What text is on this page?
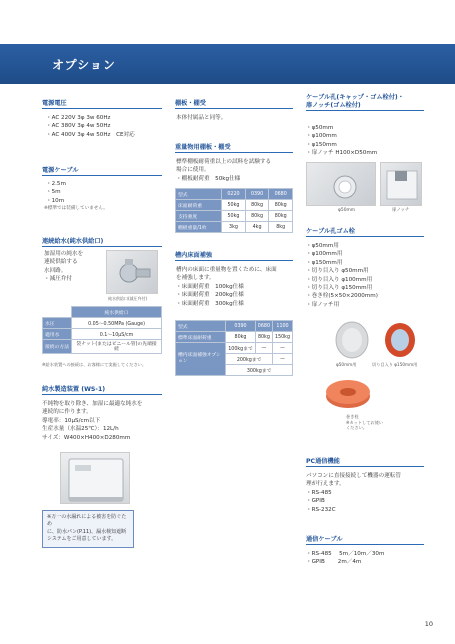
オプション
電源電圧
・AC 220V 3φ 3w 60Hz
・AC 380V 3φ 4w 50Hz
・AC 400V 3φ 4w 50Hz　CE対応
電源ケーブル
・2.5m
・5m
・10m
※標準では装備していません。
連続給水(純水供給口)
加湿用の純水を
連続供給する
水回路。
・減圧弁付
純水供給口(減圧弁付)
	純水供給口
水圧	0.05～0.50MPa (Gauge)
適用水	0.1～10μS/cm
接続の方法	袋ナット(またはビニール管)の先端接続
※給水装置への接続は、お客様にて実施してください。
純水製造装置 (WS-1)
不純物を取り除き、加湿に最適な純水を
連続的に作ります。
導電率：10μS/cm以下
生産水量（水温25℃）：12L/h
サイズ：W400×H400×D280mm
※万一の水漏れによる被害を防ぐため
に、防水パン(P.11)、漏水検知遮断
システムをご用意しています。
棚板・棚受
本体付属品と同等。
重量物用棚板・棚受
標準棚板耐荷重以上の試料を試験する
場合に使用。
・棚板耐荷重　50kg仕様
型式	0220	0390	0680
床面耐荷重	50kg	80kg	80kg
支持強度	50kg	80kg	80kg
棚板重量/1枚	3kg	4kg	8kg
槽内床面補強
槽内の床面に重量物を置くために、床面
を補強します。
・床面耐荷重　100kg仕様
・床面耐荷重　200kg仕様
・床面耐荷重　300kg仕様
型式	0390	0680	1100
標準床面耐荷重	80kg	80kg	150kg
槽内床面補強オプション	100kgまで	—	—
	200kgまで		—
	300kgまで		
ケーブル孔(キャップ・ゴム栓付)・
扉ノッチ(ゴム栓付)
・φ50mm
・φ100mm
・φ150mm
・扉ノッチ H100×D50mm
φ50mm	扉ノッチ
ケーブル孔ゴム栓
・φ50mm用
・φ100mm用
・φ150mm用
・切り目入り φ50mm用
・切り目入り φ100mm用
・切り目入り φ150mm用
・巻き栓(5×50×2000mm)
・扉ノッチ用
φ50mm用	切り目入り φ150mm用
巻き栓
※カットしてお使い
ください。
PC通信機能
パソコンに直接接続して機器の運転管
理が行えます。
・RS-485
・GPIB
・RS-232C
通信ケーブル
・RS-485　 5m／10m／30m
・GPIB　　 2m／4m
10
